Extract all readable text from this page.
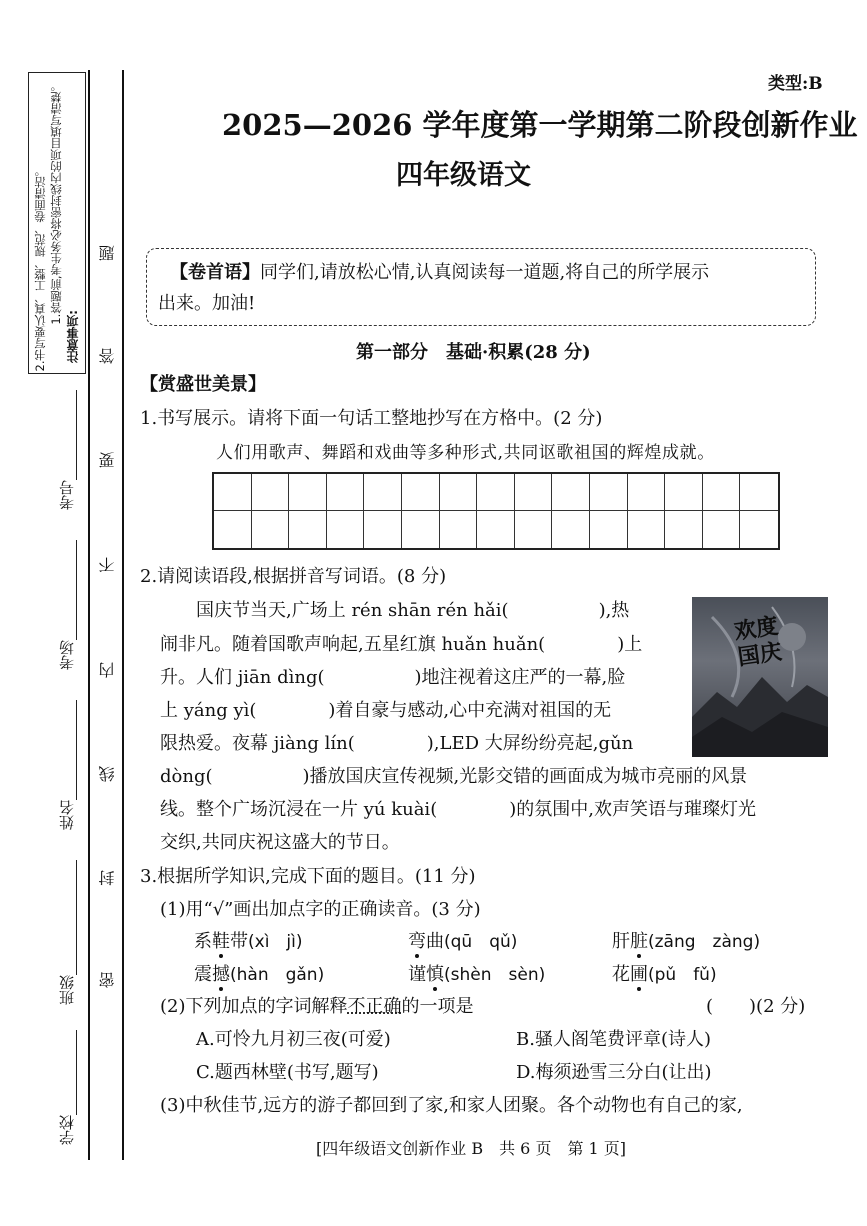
注意事项:
1.答题前,考生务必将密封线内的项目填写清楚。
2.书写要认真、工整、规范、卷面清洁。	题
答
要
不
内
线
封
密
考号
考场
姓名
班级
学校
类型:B
2025—2026 学年度第一学期第二阶段创新作业
四年级语文
【卷首语】同学们,请放松心情,认真阅读每一道题,将自己的所学展示
出来。加油!
第一部分　基础·积累(28 分)
【赏盛世美景】
1.书写展示。请将下面一句话工整地抄写在方格中。(2 分)
人们用歌声、舞蹈和戏曲等多种形式,共同讴歌祖国的辉煌成就。
2.请阅读语段,根据拼音写词语。(8 分)
国庆节当天,广场上 rén shān rén hǎi(　　　　　),热
闹非凡。随着国歌声响起,五星红旗 huǎn huǎn(　　　　)上
升。人们 jiān dìng(　　　　　)地注视着这庄严的一幕,脸
上 yáng yì(　　　　)着自豪与感动,心中充满对祖国的无
限热爱。夜幕 jiàng lín(　　　　),LED 大屏纷纷亮起,gǔn
dòng(　　　　　)播放国庆宣传视频,光影交错的画面成为城市亮丽的风景
线。整个广场沉浸在一片 yú kuài(　　　　)的氛围中,欢声笑语与璀璨灯光
交织,共同庆祝这盛大的节日。
欢度国庆
3.根据所学知识,完成下面的题目。(11 分)
(1)用“√”画出加点字的正确读音。(3 分)
系鞋带(xì　jì)	弯曲(qū　qǔ)	肝脏(zāng　zàng)
震撼(hàn　gǎn)	谨慎(shèn　sèn)	花圃(pǔ　fǔ)
(2)下列加点的字词解释不正确的一项是	(　　)(2 分)
A.可怜九月初三夜(可爱)	B.骚人阁笔费评章(诗人)
C.题西林壁(书写,题写)	D.梅须逊雪三分白(让出)
(3)中秋佳节,远方的游子都回到了家,和家人团聚。各个动物也有自己的家,
[四年级语文创新作业 B　共 6 页　第 1 页]
